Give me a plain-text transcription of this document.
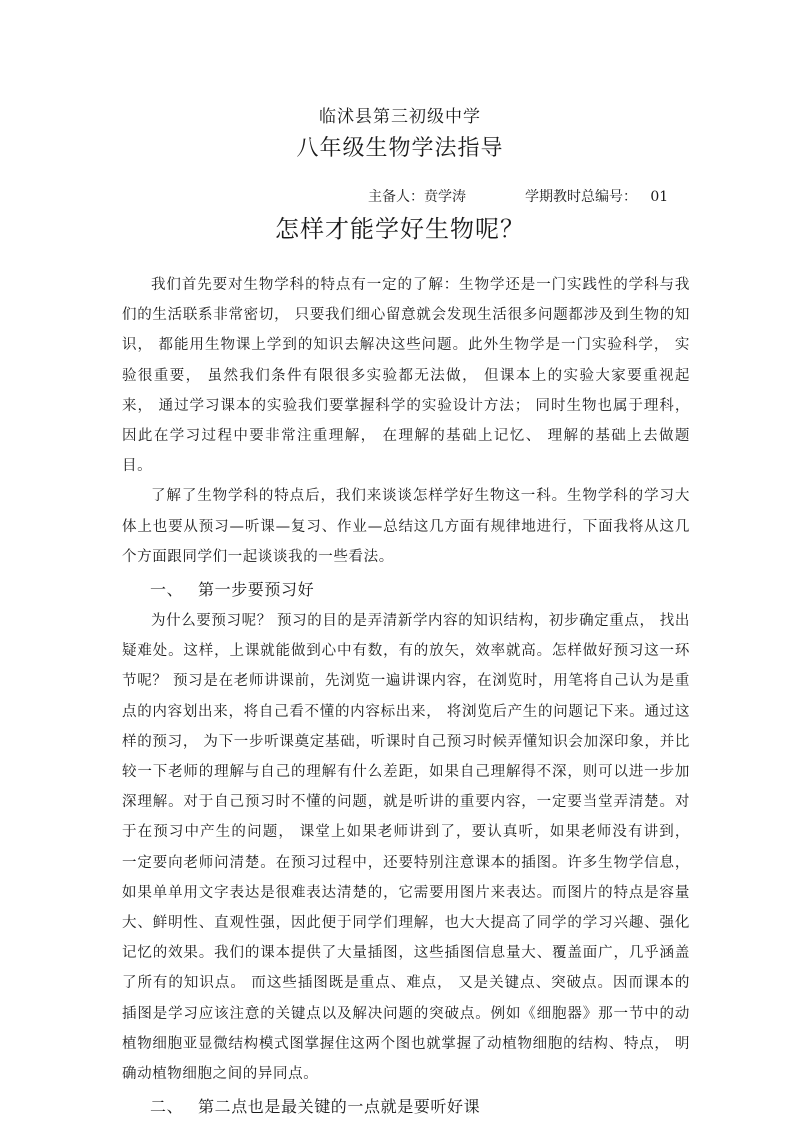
临沭县第三初级中学
八年级生物学法指导
主备人：贲学涛	学期教时总编号：   01
怎样才能学好生物呢？

我们首先要对生物学科的特点有一定的了解：生物学还是一门实践性的学科与我们的生活联系非常密切， 只要我们细心留意就会发现生活很多问题都涉及到生物的知识， 都能用生物课上学到的知识去解决这些问题。此外生物学是一门实验科学， 实验很重要， 虽然我们条件有限很多实验都无法做， 但课本上的实验大家要重视起来， 通过学习课本的实验我们要掌握科学的实验设计方法； 同时生物也属于理科， 因此在学习过程中要非常注重理解， 在理解的基础上记忆、 理解的基础上去做题目。

了解了生物学科的特点后，我们来谈谈怎样学好生物这一科。生物学科的学习大体上也要从预习—听课—复习、作业—总结这几方面有规律地进行，下面我将从这几个方面跟同学们一起谈谈我的一些看法。

一、 第一步要预习好

为什么要预习呢？ 预习的目的是弄清新学内容的知识结构，初步确定重点， 找出疑难处。这样，上课就能做到心中有数，有的放矢，效率就高。怎样做好预习这一环节呢？ 预习是在老师讲课前，先浏览一遍讲课内容，在浏览时，用笔将自己认为是重点的内容划出来，将自己看不懂的内容标出来， 将浏览后产生的问题记下来。通过这样的预习， 为下一步听课奠定基础，听课时自己预习时候弄懂知识会加深印象，并比较一下老师的理解与自己的理解有什么差距，如果自己理解得不深，则可以进一步加深理解。对于自己预习时不懂的问题，就是听讲的重要内容，一定要当堂弄清楚。对于在预习中产生的问题， 课堂上如果老师讲到了，要认真听，如果老师没有讲到， 一定要向老师问清楚。在预习过程中，还要特别注意课本的插图。许多生物学信息，如果单单用文字表达是很难表达清楚的，它需要用图片来表达。而图片的特点是容量大、鲜明性、直观性强，因此便于同学们理解，也大大提高了同学的学习兴趣、强化记忆的效果。我们的课本提供了大量插图，这些插图信息量大、覆盖面广，几乎涵盖了所有的知识点。 而这些插图既是重点、难点， 又是关键点、突破点。因而课本的插图是学习应该注意的关键点以及解决问题的突破点。例如《细胞器》那一节中的动植物细胞亚显微结构模式图掌握住这两个图也就掌握了动植物细胞的结构、特点， 明确动植物细胞之间的异同点。

二、 第二点也是最关键的一点就是要听好课
